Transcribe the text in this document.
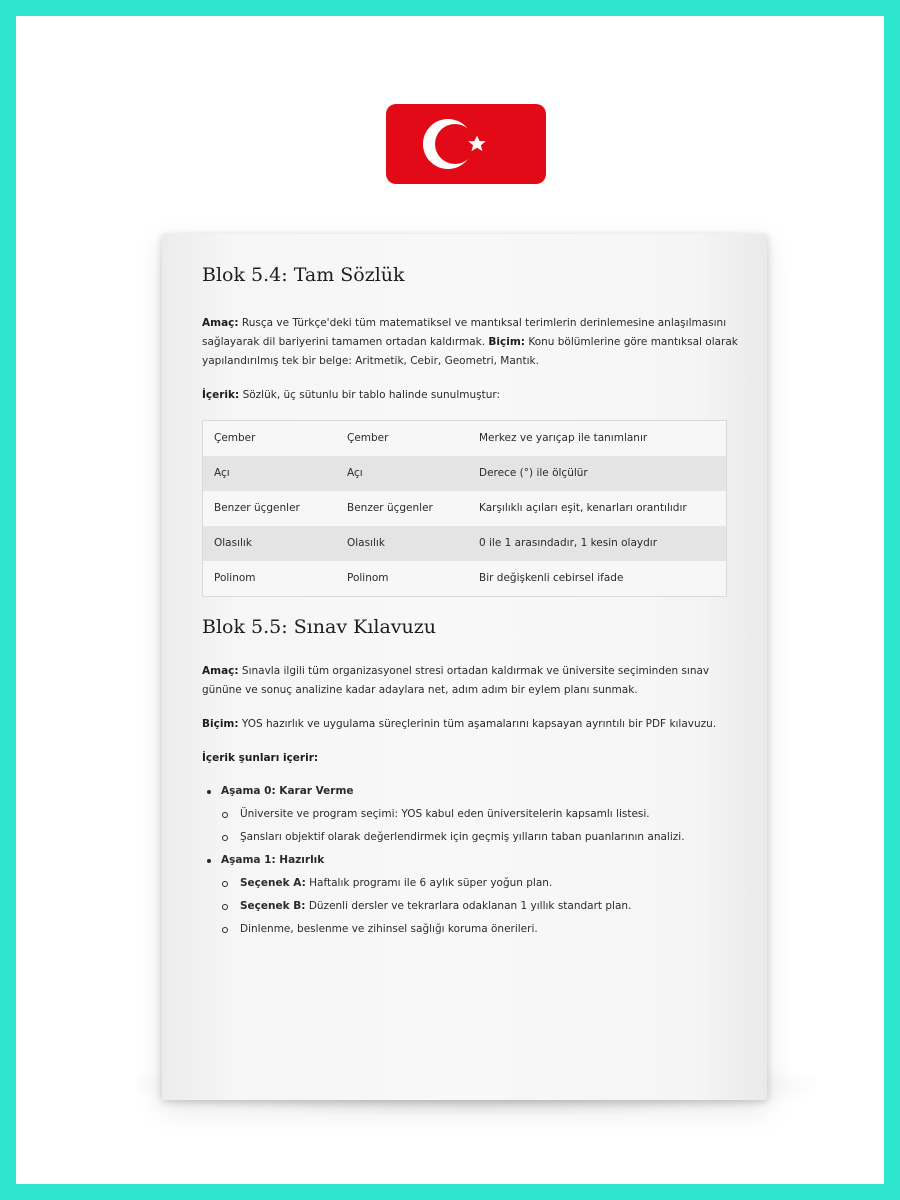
Blok 5.4: Tam Sözlük

Amaç: Rusça ve Türkçe'deki tüm matematiksel ve mantıksal terimlerin derinlemesine anlaşılmasını sağlayarak dil bariyerini tamamen ortadan kaldırmak. Biçim: Konu bölümlerine göre mantıksal olarak yapılandırılmış tek bir belge: Aritmetik, Cebir, Geometri, Mantık.

İçerik: Sözlük, üç sütunlu bir tablo halinde sunulmuştur:

Çember	Çember	Merkez ve yarıçap ile tanımlanır
Açı	Açı	Derece (°) ile ölçülür
Benzer üçgenler	Benzer üçgenler	Karşılıklı açıları eşit, kenarları orantılıdır
Olasılık	Olasılık	0 ile 1 arasındadır, 1 kesin olaydır
Polinom	Polinom	Bir değişkenli cebirsel ifade
Blok 5.5: Sınav Kılavuzu

Amaç: Sınavla ilgili tüm organizasyonel stresi ortadan kaldırmak ve üniversite seçiminden sınav gününe ve sonuç analizine kadar adaylara net, adım adım bir eylem planı sunmak.

Biçim: YOS hazırlık ve uygulama süreçlerinin tüm aşamalarını kapsayan ayrıntılı bir PDF kılavuzu.

İçerik şunları içerir:

Aşama 0: Karar Verme
Üniversite ve program seçimi: YOS kabul eden üniversitelerin kapsamlı listesi.
Şansları objektif olarak değerlendirmek için geçmiş yılların taban puanlarının analizi.
Aşama 1: Hazırlık
Seçenek A: Haftalık programı ile 6 aylık süper yoğun plan.
Seçenek B: Düzenli dersler ve tekrarlara odaklanan 1 yıllık standart plan.
Dinlenme, beslenme ve zihinsel sağlığı koruma önerileri.
